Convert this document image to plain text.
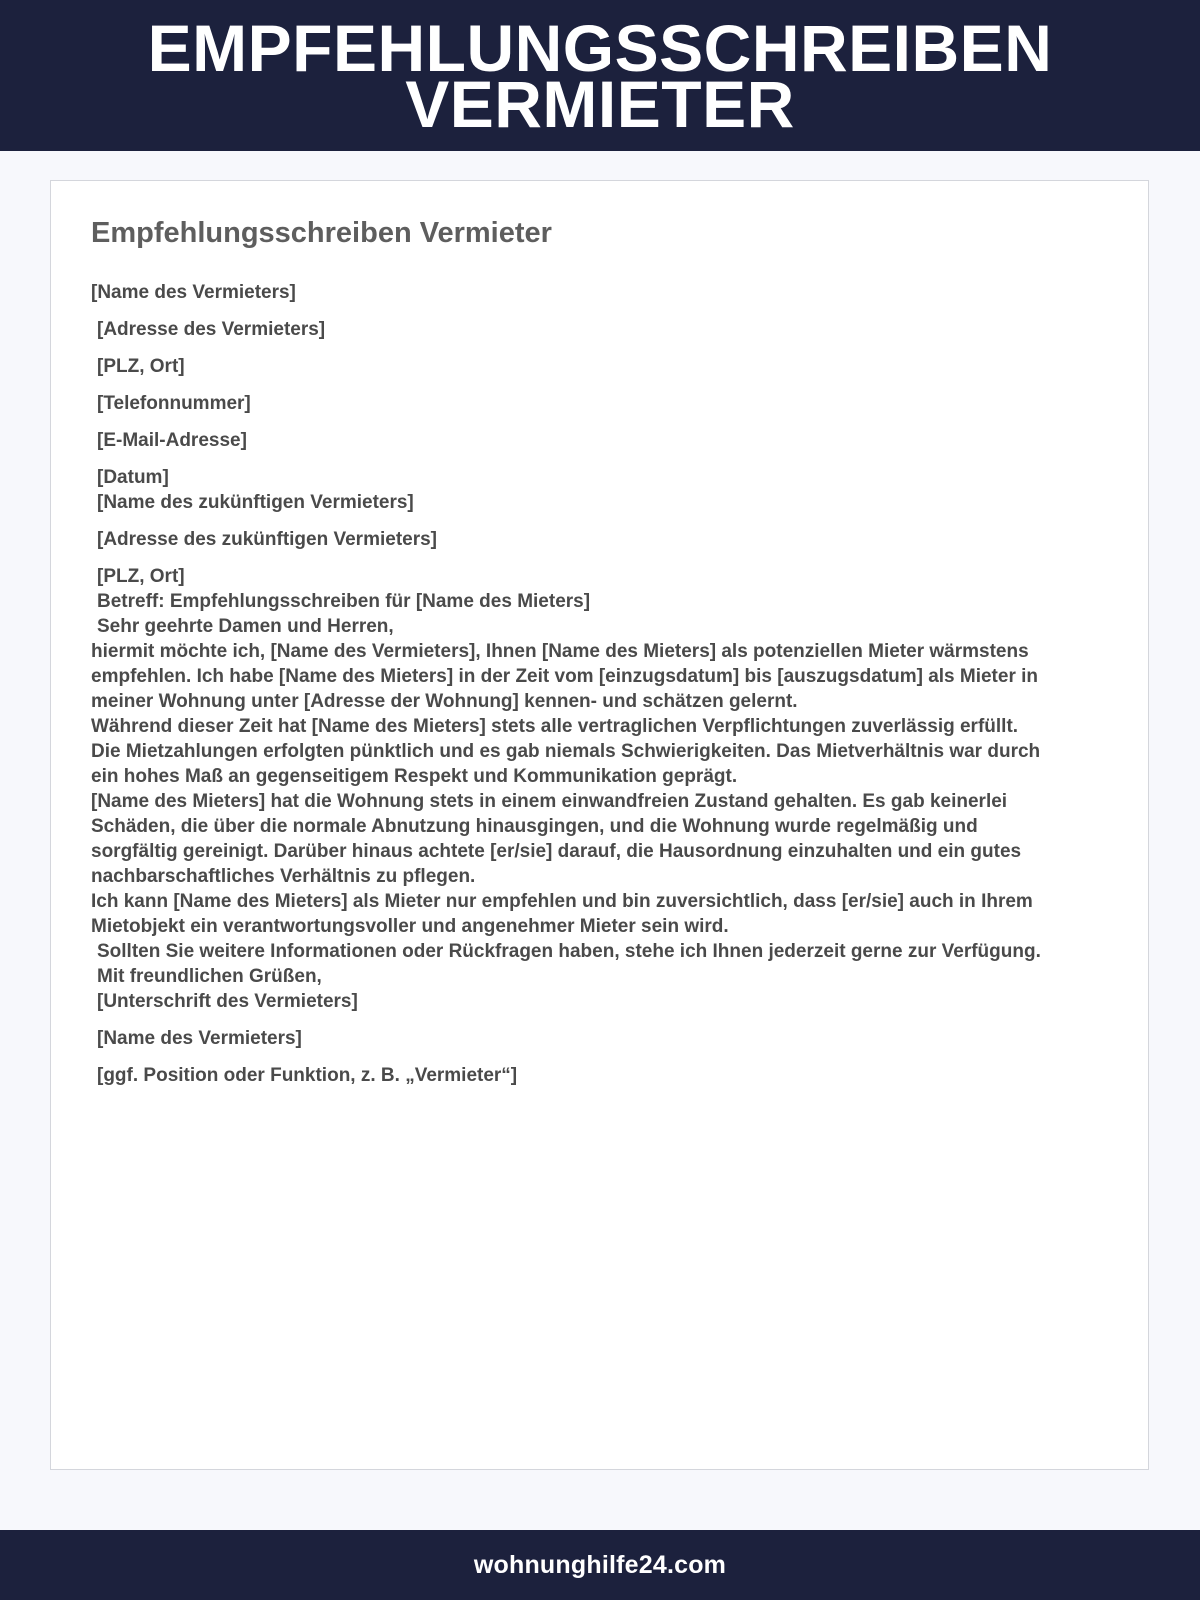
EMPFEHLUNGSSCHREIBEN
VERMIETER
Empfehlungsschreiben Vermieter
[Name des Vermieters]
[Adresse des Vermieters]
[PLZ, Ort]
[Telefonnummer]
[E-Mail-Adresse]
[Datum]
[Name des zukünftigen Vermieters]
[Adresse des zukünftigen Vermieters]
[PLZ, Ort]
Betreff: Empfehlungsschreiben für [Name des Mieters]
Sehr geehrte Damen und Herren,
hiermit möchte ich, [Name des Vermieters], Ihnen [Name des Mieters] als potenziellen Mieter wärmstens
empfehlen. Ich habe [Name des Mieters] in der Zeit vom [einzugsdatum] bis [auszugsdatum] als Mieter in
meiner Wohnung unter [Adresse der Wohnung] kennen- und schätzen gelernt.
Während dieser Zeit hat [Name des Mieters] stets alle vertraglichen Verpflichtungen zuverlässig erfüllt.
Die Mietzahlungen erfolgten pünktlich und es gab niemals Schwierigkeiten. Das Mietverhältnis war durch
ein hohes Maß an gegenseitigem Respekt und Kommunikation geprägt.
[Name des Mieters] hat die Wohnung stets in einem einwandfreien Zustand gehalten. Es gab keinerlei
Schäden, die über die normale Abnutzung hinausgingen, und die Wohnung wurde regelmäßig und
sorgfältig gereinigt. Darüber hinaus achtete [er/sie] darauf, die Hausordnung einzuhalten und ein gutes
nachbarschaftliches Verhältnis zu pflegen.
Ich kann [Name des Mieters] als Mieter nur empfehlen und bin zuversichtlich, dass [er/sie] auch in Ihrem
Mietobjekt ein verantwortungsvoller und angenehmer Mieter sein wird.
Sollten Sie weitere Informationen oder Rückfragen haben, stehe ich Ihnen jederzeit gerne zur Verfügung.
Mit freundlichen Grüßen,
[Unterschrift des Vermieters]
[Name des Vermieters]
[ggf. Position oder Funktion, z. B. „Vermieter“]
wohnunghilfe24.com
